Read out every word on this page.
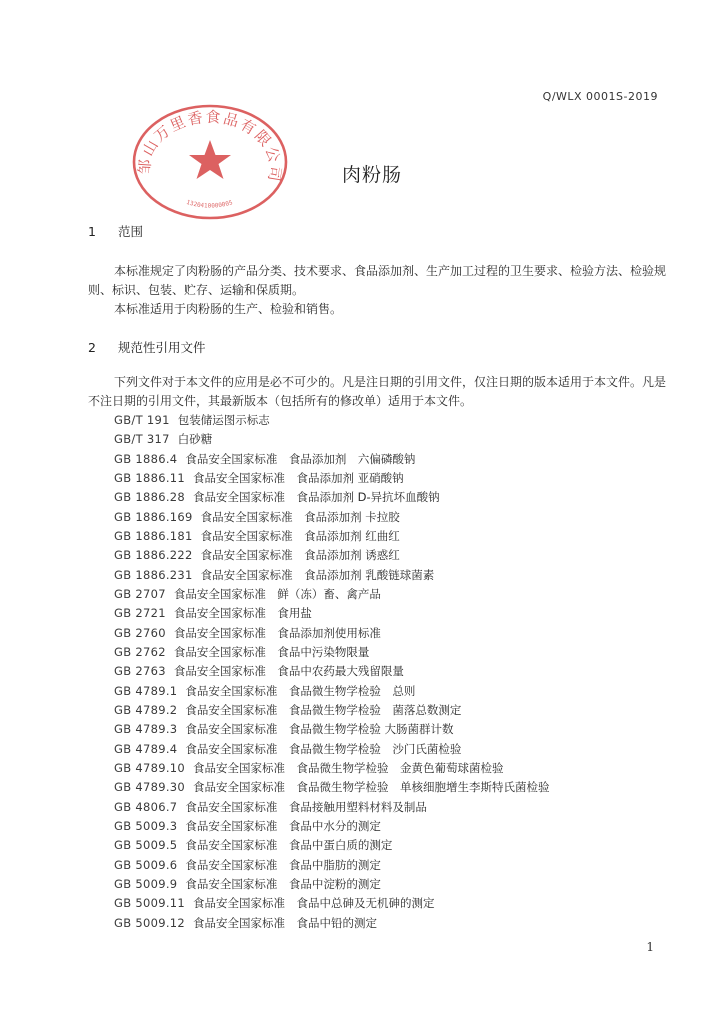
Q/WLX 0001S-2019
邹山万里香食品有限公司
1320410000005
肉粉肠
1 范围

本标准规定了肉粉肠的产品分类、技术要求、食品添加剂、生产加工过程的卫生要求、检验方法、检验规则、标识、包装、贮存、运输和保质期。

本标准适用于肉粉肠的生产、检验和销售。

2 规范性引用文件

下列文件对于本文件的应用是必不可少的。凡是注日期的引用文件，仅注日期的版本适用于本文件。凡是不注日期的引用文件，其最新版本（包括所有的修改单）适用于本文件。

GB/T 191 包装储运图示标志
GB/T 317 白砂糖
GB 1886.4 食品安全国家标准　食品添加剂　六偏磷酸钠
GB 1886.11 食品安全国家标准　食品添加剂 亚硝酸钠
GB 1886.28 食品安全国家标准　食品添加剂 D-异抗坏血酸钠
GB 1886.169 食品安全国家标准　食品添加剂 卡拉胶
GB 1886.181 食品安全国家标准　食品添加剂 红曲红
GB 1886.222 食品安全国家标准　食品添加剂 诱惑红
GB 1886.231 食品安全国家标准　食品添加剂 乳酸链球菌素
GB 2707 食品安全国家标准　鲜（冻）畜、禽产品
GB 2721 食品安全国家标准　食用盐
GB 2760 食品安全国家标准　食品添加剂使用标准
GB 2762 食品安全国家标准　食品中污染物限量
GB 2763 食品安全国家标准　食品中农药最大残留限量
GB 4789.1 食品安全国家标准　食品微生物学检验　总则
GB 4789.2 食品安全国家标准　食品微生物学检验　菌落总数测定
GB 4789.3 食品安全国家标准　食品微生物学检验 大肠菌群计数
GB 4789.4 食品安全国家标准　食品微生物学检验　沙门氏菌检验
GB 4789.10 食品安全国家标准　食品微生物学检验　金黄色葡萄球菌检验
GB 4789.30 食品安全国家标准　食品微生物学检验　单核细胞增生李斯特氏菌检验
GB 4806.7 食品安全国家标准　食品接触用塑料材料及制品
GB 5009.3 食品安全国家标准　食品中水分的测定
GB 5009.5 食品安全国家标准　食品中蛋白质的测定
GB 5009.6 食品安全国家标准　食品中脂肪的测定
GB 5009.9 食品安全国家标准　食品中淀粉的测定
GB 5009.11 食品安全国家标准　食品中总砷及无机砷的测定
GB 5009.12 食品安全国家标准　食品中铅的测定
1
